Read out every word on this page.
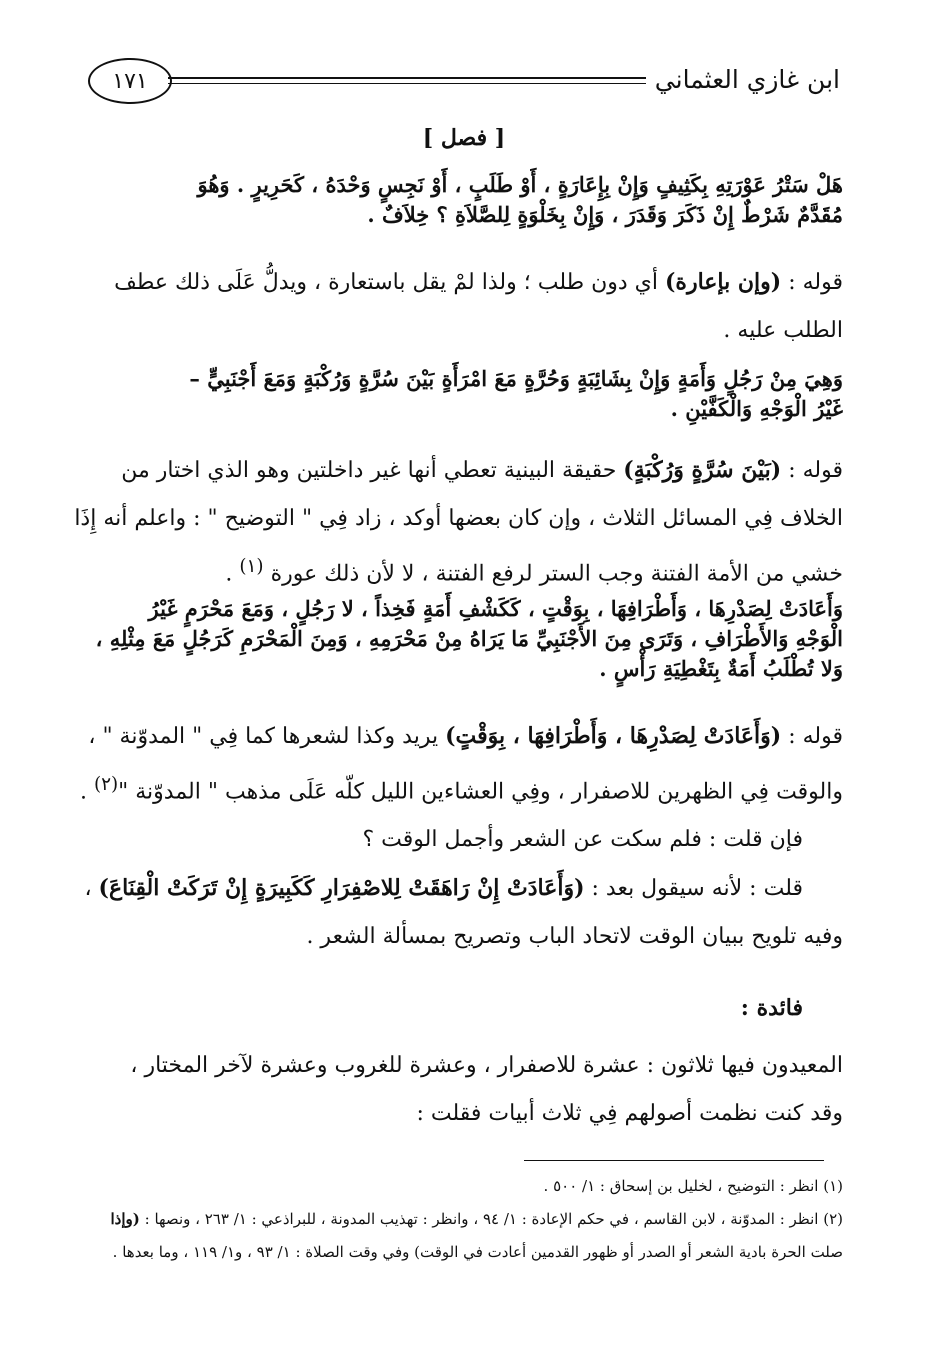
ابن غازي العثماني
١٧١
[ فصل ]
هَلْ سَتْرُ عَوْرَتِهِ بِكَثِيفٍ وَإِنْ بِإِعَارَةٍ ، أَوْ طَلَبٍ ، أَوْ نَجِسٍ وَحْدَهُ ، كَحَرِيرٍ . وَهُوَ
مُقَدَّمٌ شَرْطٌ إِنْ ذَكَرَ وَقَدَرَ ، وَإِنْ بِخَلْوَةٍ لِلصَّلاَةِ ؟ خِلاَفٌ .
قوله : (وإن بإعارة) أي دون طلب ؛ ولذا لمْ يقل باستعارة ، ويدلُّ عَلَى ذلك عطف
الطلب عليه .
وَهِيَ مِنْ رَجُلٍ وَأَمَةٍ وَإِنْ بِشَائِبَةٍ وَحُرَّةٍ مَعَ امْرَأَةٍ بَيْنَ سُرَّةٍ وَرُكْبَةٍ وَمَعَ أَجْنَبِيٍّ –
غَيْرُ الْوَجْهِ وَالْكَفَّيْنِ .
قوله : (بَيْنَ سُرَّةٍ وَرُكْبَةٍ) حقيقة البينية تعطي أنها غير داخلتين وهو الذي اختار من
الخلاف فِي المسائل الثلاث ، وإن كان بعضها أوكد ، زاد فِي " التوضيح " : واعلم أنه إِذَا
خشي من الأمة الفتنة وجب الستر لرفع الفتنة ، لا لأن ذلك عورة $^{(١)}$ .
وَأَعَادَتْ لِصَدْرِهَا ، وَأَطْرَافِهَا ، بِوَقْتٍ ، كَكَشْفِ أَمَةٍ فَخِذاً ، لا رَجُلٍ ، وَمَعَ مَحْرَمٍ غَيْرُ
الْوَجْهِ وَالأَطْرَافِ ، وَتَرَى مِنَ الأَجْنَبِيِّ مَا يَرَاهُ مِنْ مَحْرَمِهِ ، وَمِنَ الْمَحْرَمِ كَرَجُلٍ مَعَ مِثْلِهِ ،
وَلا تُطْلَبُ أَمَةٌ بِتَغْطِيَةِ رَأْسٍ .
قوله : (وَأَعَادَتْ لِصَدْرِهَا ، وَأَطْرَافِهَا ، بِوَقْتٍ) يريد وكذا لشعرها كما فِي " المدوّنة " ،
والوقت فِي الظهرين للاصفرار ، وفِي العشاءين الليل كلّه عَلَى مذهب " المدوّنة "$^{(٢)}$ .
فإن قلت : فلم سكت عن الشعر وأجمل الوقت ؟
قلت : لأنه سيقول بعد : (وَأَعَادَتْ إِنْ رَاهَقَتْ لِلاصْفِرَارِ كَكَبِيرَةٍ إِنْ تَرَكَتْ الْقِنَاعَ) ،
وفيه تلويح ببيان الوقت لاتحاد الباب وتصريح بمسألة الشعر .
فائدة :
المعيدون فيها ثلاثون : عشرة للاصفرار ، وعشرة للغروب وعشرة لآخر المختار ،
وقد كنت نظمت أصولهم فِي ثلاث أبيات فقلت :
(١) انظر : التوضيح ، لخليل بن إسحاق : ١/ ٥٠٠ .
(٢) انظر : المدوّنة ، لابن القاسم ، في حكم الإعادة : ١/ ٩٤ ، وانظر : تهذيب المدونة ، للبراذعي : ١/ ٢٦٣ ، ونصها : (وإذا
صلت الحرة بادية الشعر أو الصدر أو ظهور القدمين أعادت في الوقت) وفي وقت الصلاة : ١/ ٩٣ ، و١/ ١١٩ ، وما بعدها .
